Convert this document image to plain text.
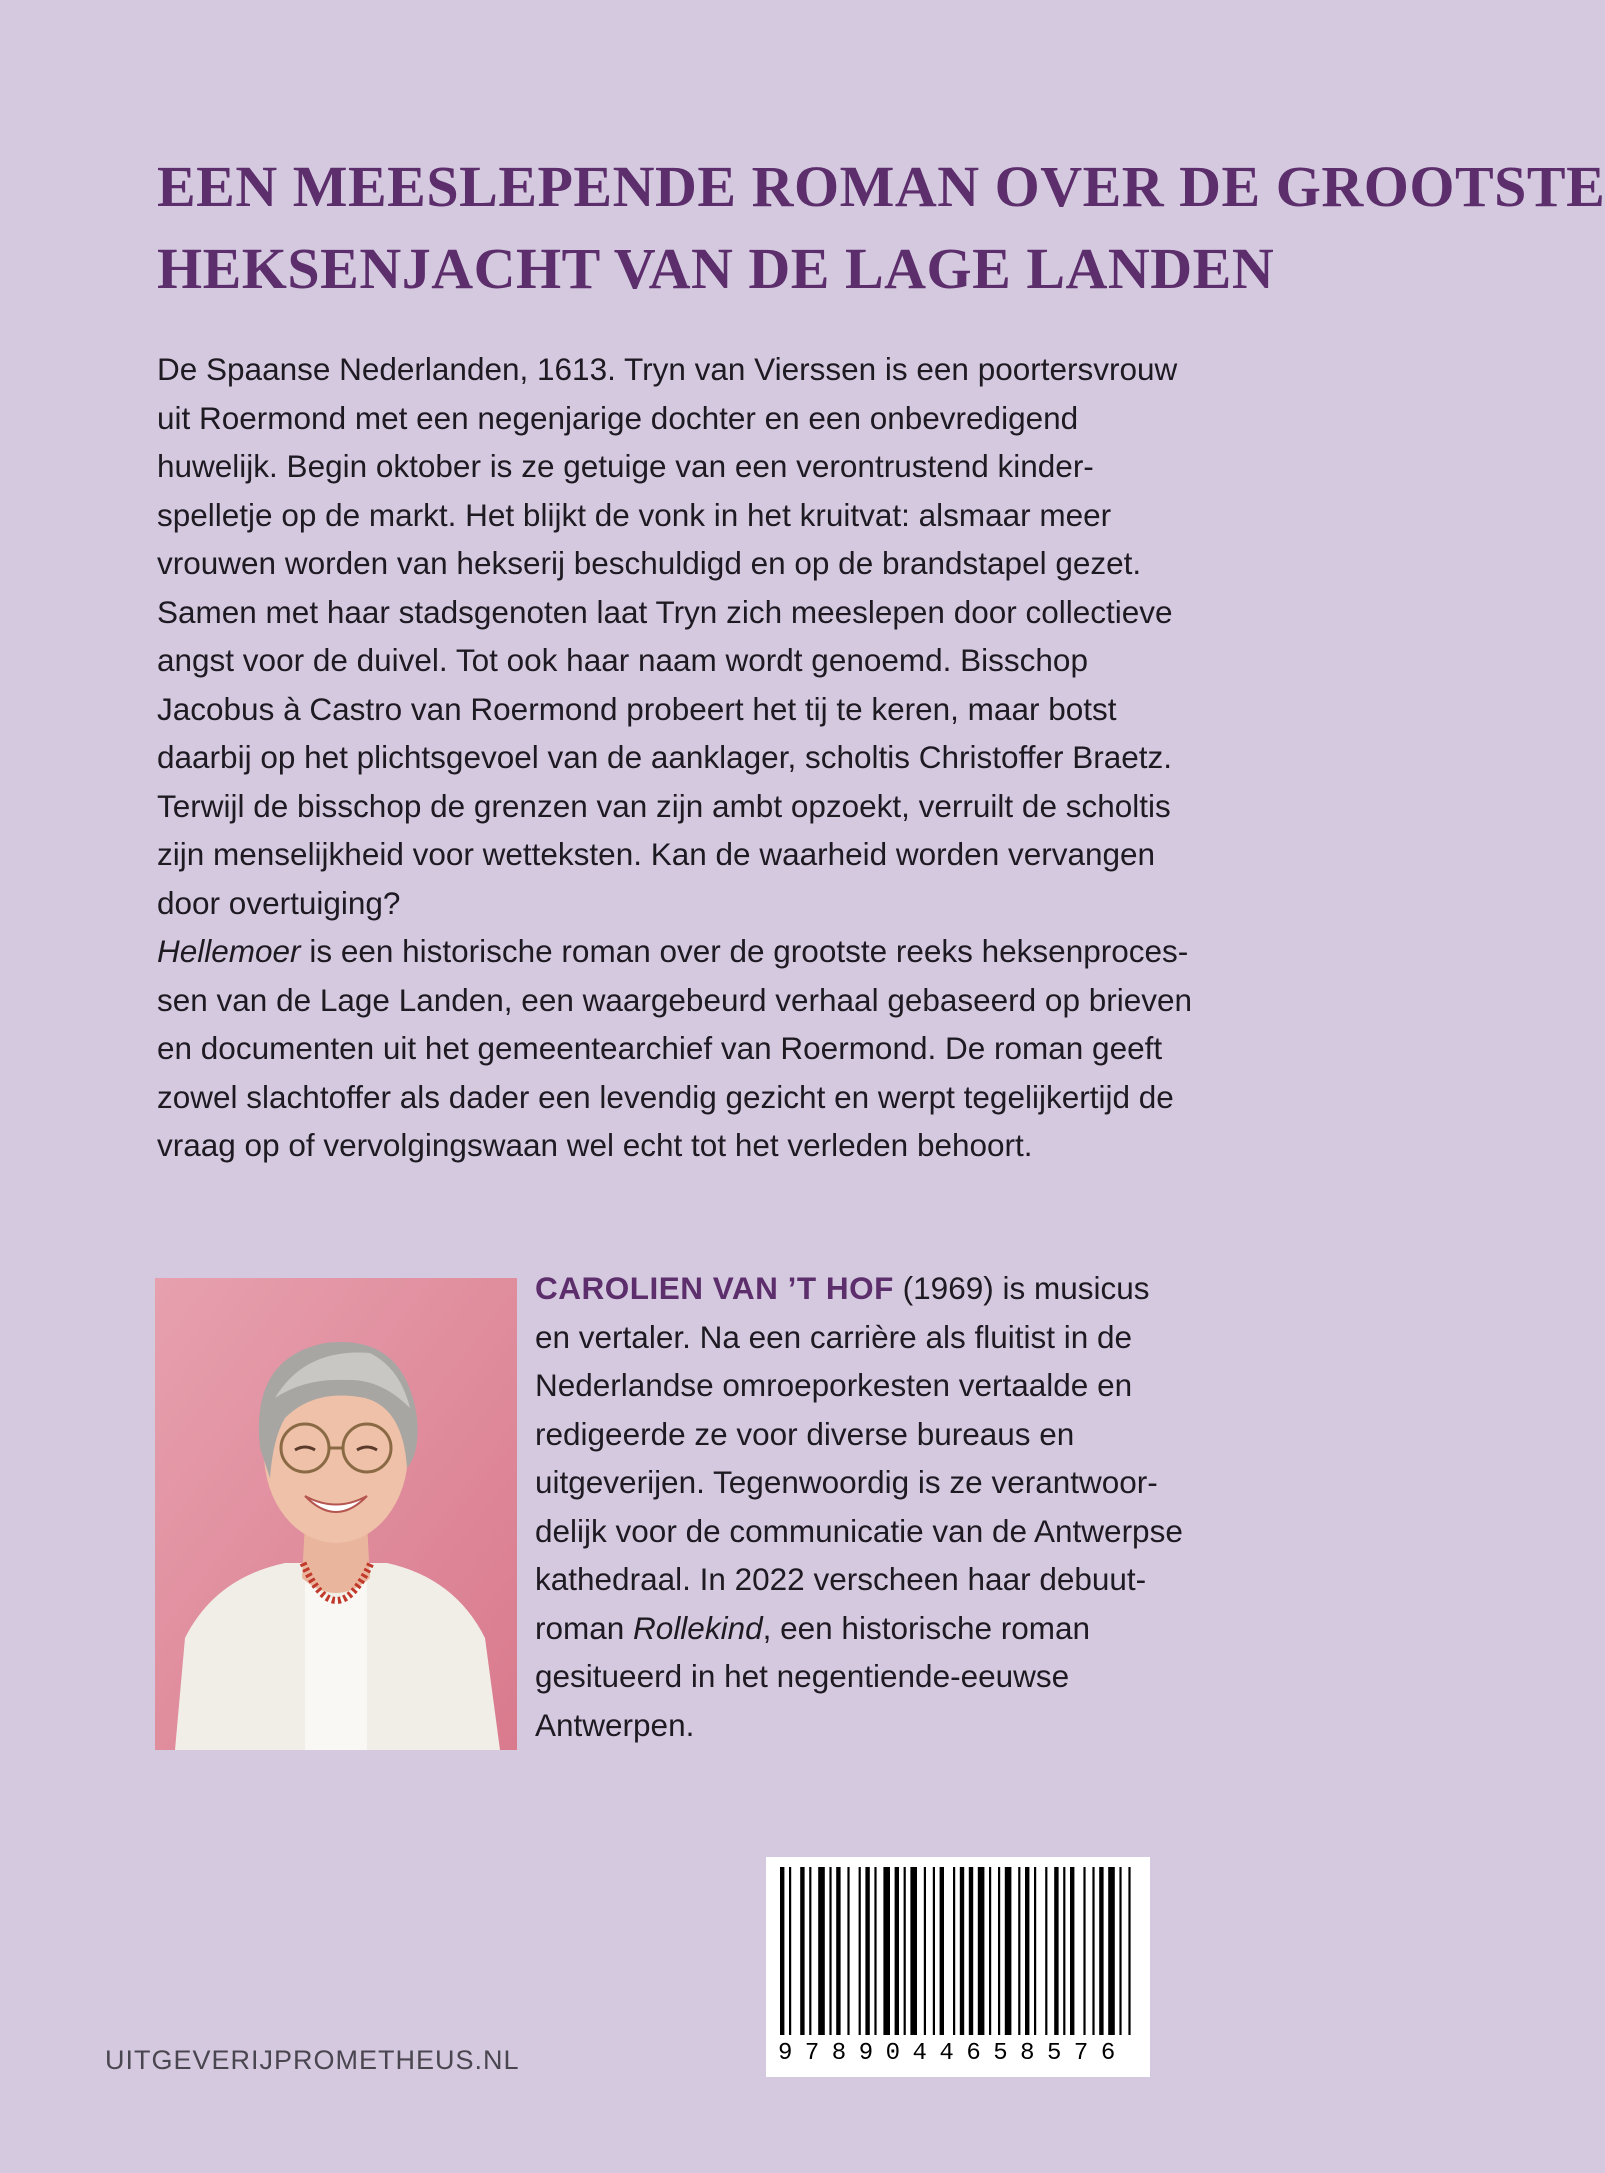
EEN MEESLEPENDE ROMAN OVER DE GROOTSTE
HEKSENJACHT VAN DE LAGE LANDEN
De Spaanse Nederlanden, 1613. Tryn van Vierssen is een poortersvrouw
uit Roermond met een negenjarige dochter en een onbevredigend
huwelijk. Begin oktober is ze getuige van een verontrustend kinder-
spelletje op de markt. Het blijkt de vonk in het kruitvat: alsmaar meer
vrouwen worden van hekserij beschuldigd en op de brandstapel gezet.
Samen met haar stadsgenoten laat Tryn zich meeslepen door collectieve
angst voor de duivel. Tot ook haar naam wordt genoemd. Bisschop
Jacobus à Castro van Roermond probeert het tij te keren, maar botst
daarbij op het plichtsgevoel van de aanklager, scholtis Christoffer Braetz.
Terwijl de bisschop de grenzen van zijn ambt opzoekt, verruilt de scholtis
zijn menselijkheid voor wetteksten. Kan de waarheid worden vervangen
door overtuiging?
Hellemoer is een historische roman over de grootste reeks heksenproces-
sen van de Lage Landen, een waargebeurd verhaal gebaseerd op brieven
en documenten uit het gemeentearchief van Roermond. De roman geeft
zowel slachtoffer als dader een levendig gezicht en werpt tegelijkertijd de
vraag op of vervolgingswaan wel echt tot het verleden behoort.
CAROLIEN VAN ’T HOF (1969) is musicus
en vertaler. Na een carrière als fluitist in de
Nederlandse omroeporkesten vertaalde en
redigeerde ze voor diverse bureaus en
uitgeverijen. Tegenwoordig is ze verantwoor-
delijk voor de communicatie van de Antwerpse
kathedraal. In 2022 verscheen haar debuut-
roman Rollekind, een historische roman
gesitueerd in het negentiende-eeuwse
Antwerpen.
9789044658576
UITGEVERIJPROMETHEUS.NL
